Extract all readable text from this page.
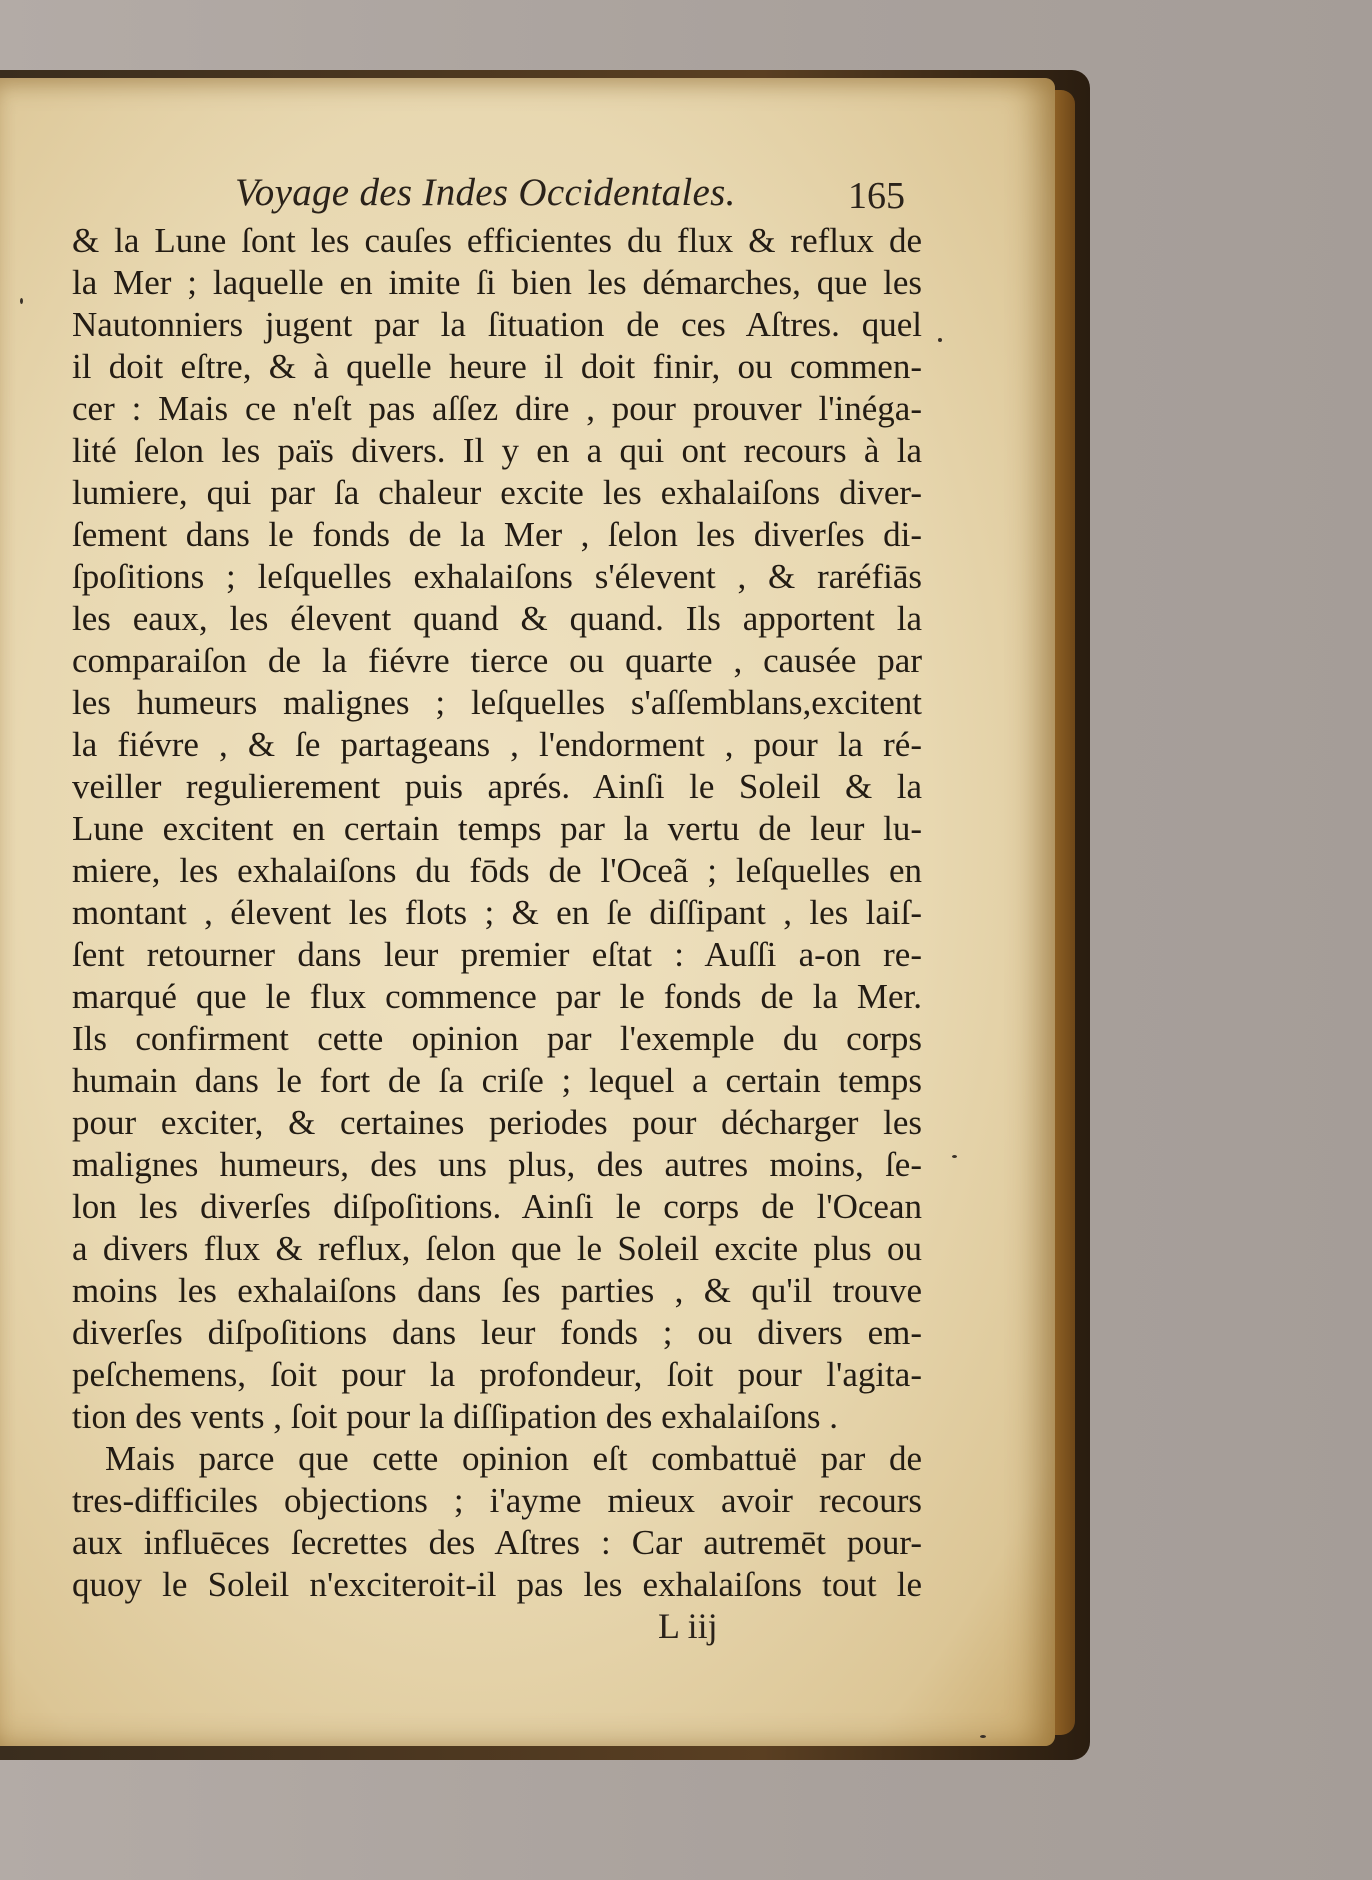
Voyage des Indes Occidentales.	165
& la Lune ſont les cauſes efficientes du flux & reflux de
la Mer ; laquelle en imite ſi bien les démarches, que les
Nautonniers jugent par la ſituation de ces Aſtres. quel
il doit eſtre, & à quelle heure il doit finir, ou commen-
cer : Mais ce n'eſt pas aſſez dire , pour prouver l'inéga-
lité ſelon les païs divers. Il y en a qui ont recours à la
lumiere, qui par ſa chaleur excite les exhalaiſons diver-
ſement dans le fonds de la Mer , ſelon les diverſes di-
ſpoſitions ; leſquelles exhalaiſons s'élevent , & raréfiās
les eaux, les élevent quand & quand. Ils apportent la
comparaiſon de la fiévre tierce ou quarte , causée par
les humeurs malignes ; leſquelles s'aſſemblans,excitent
la fiévre , & ſe partageans , l'endorment , pour la ré-
veiller regulierement puis aprés. Ainſi le Soleil & la
Lune excitent en certain temps par la vertu de leur lu-
miere, les exhalaiſons du fōds de l'Oceã ; leſquelles en
montant , élevent les flots ; & en ſe diſſipant , les laiſ-
ſent retourner dans leur premier eſtat : Auſſi a-on re-
marqué que le flux commence par le fonds de la Mer.
Ils confirment cette opinion par l'exemple du corps
humain dans le fort de ſa criſe ; lequel a certain temps
pour exciter, & certaines periodes pour décharger les
malignes humeurs, des uns plus, des autres moins, ſe-
lon les diverſes diſpoſitions. Ainſi le corps de l'Ocean
a divers flux & reflux, ſelon que le Soleil excite plus ou
moins les exhalaiſons dans ſes parties , & qu'il trouve
diverſes diſpoſitions dans leur fonds ; ou divers em-
peſchemens, ſoit pour la profondeur, ſoit pour l'agita-
tion des vents , ſoit pour la diſſipation des exhalaiſons .
Mais parce que cette opinion eſt combattuë par de
tres-difficiles objections ; i'ayme mieux avoir recours
aux influēces ſecrettes des Aſtres : Car autremēt pour-
quoy le Soleil n'exciteroit-il pas les exhalaiſons tout le
L iij
